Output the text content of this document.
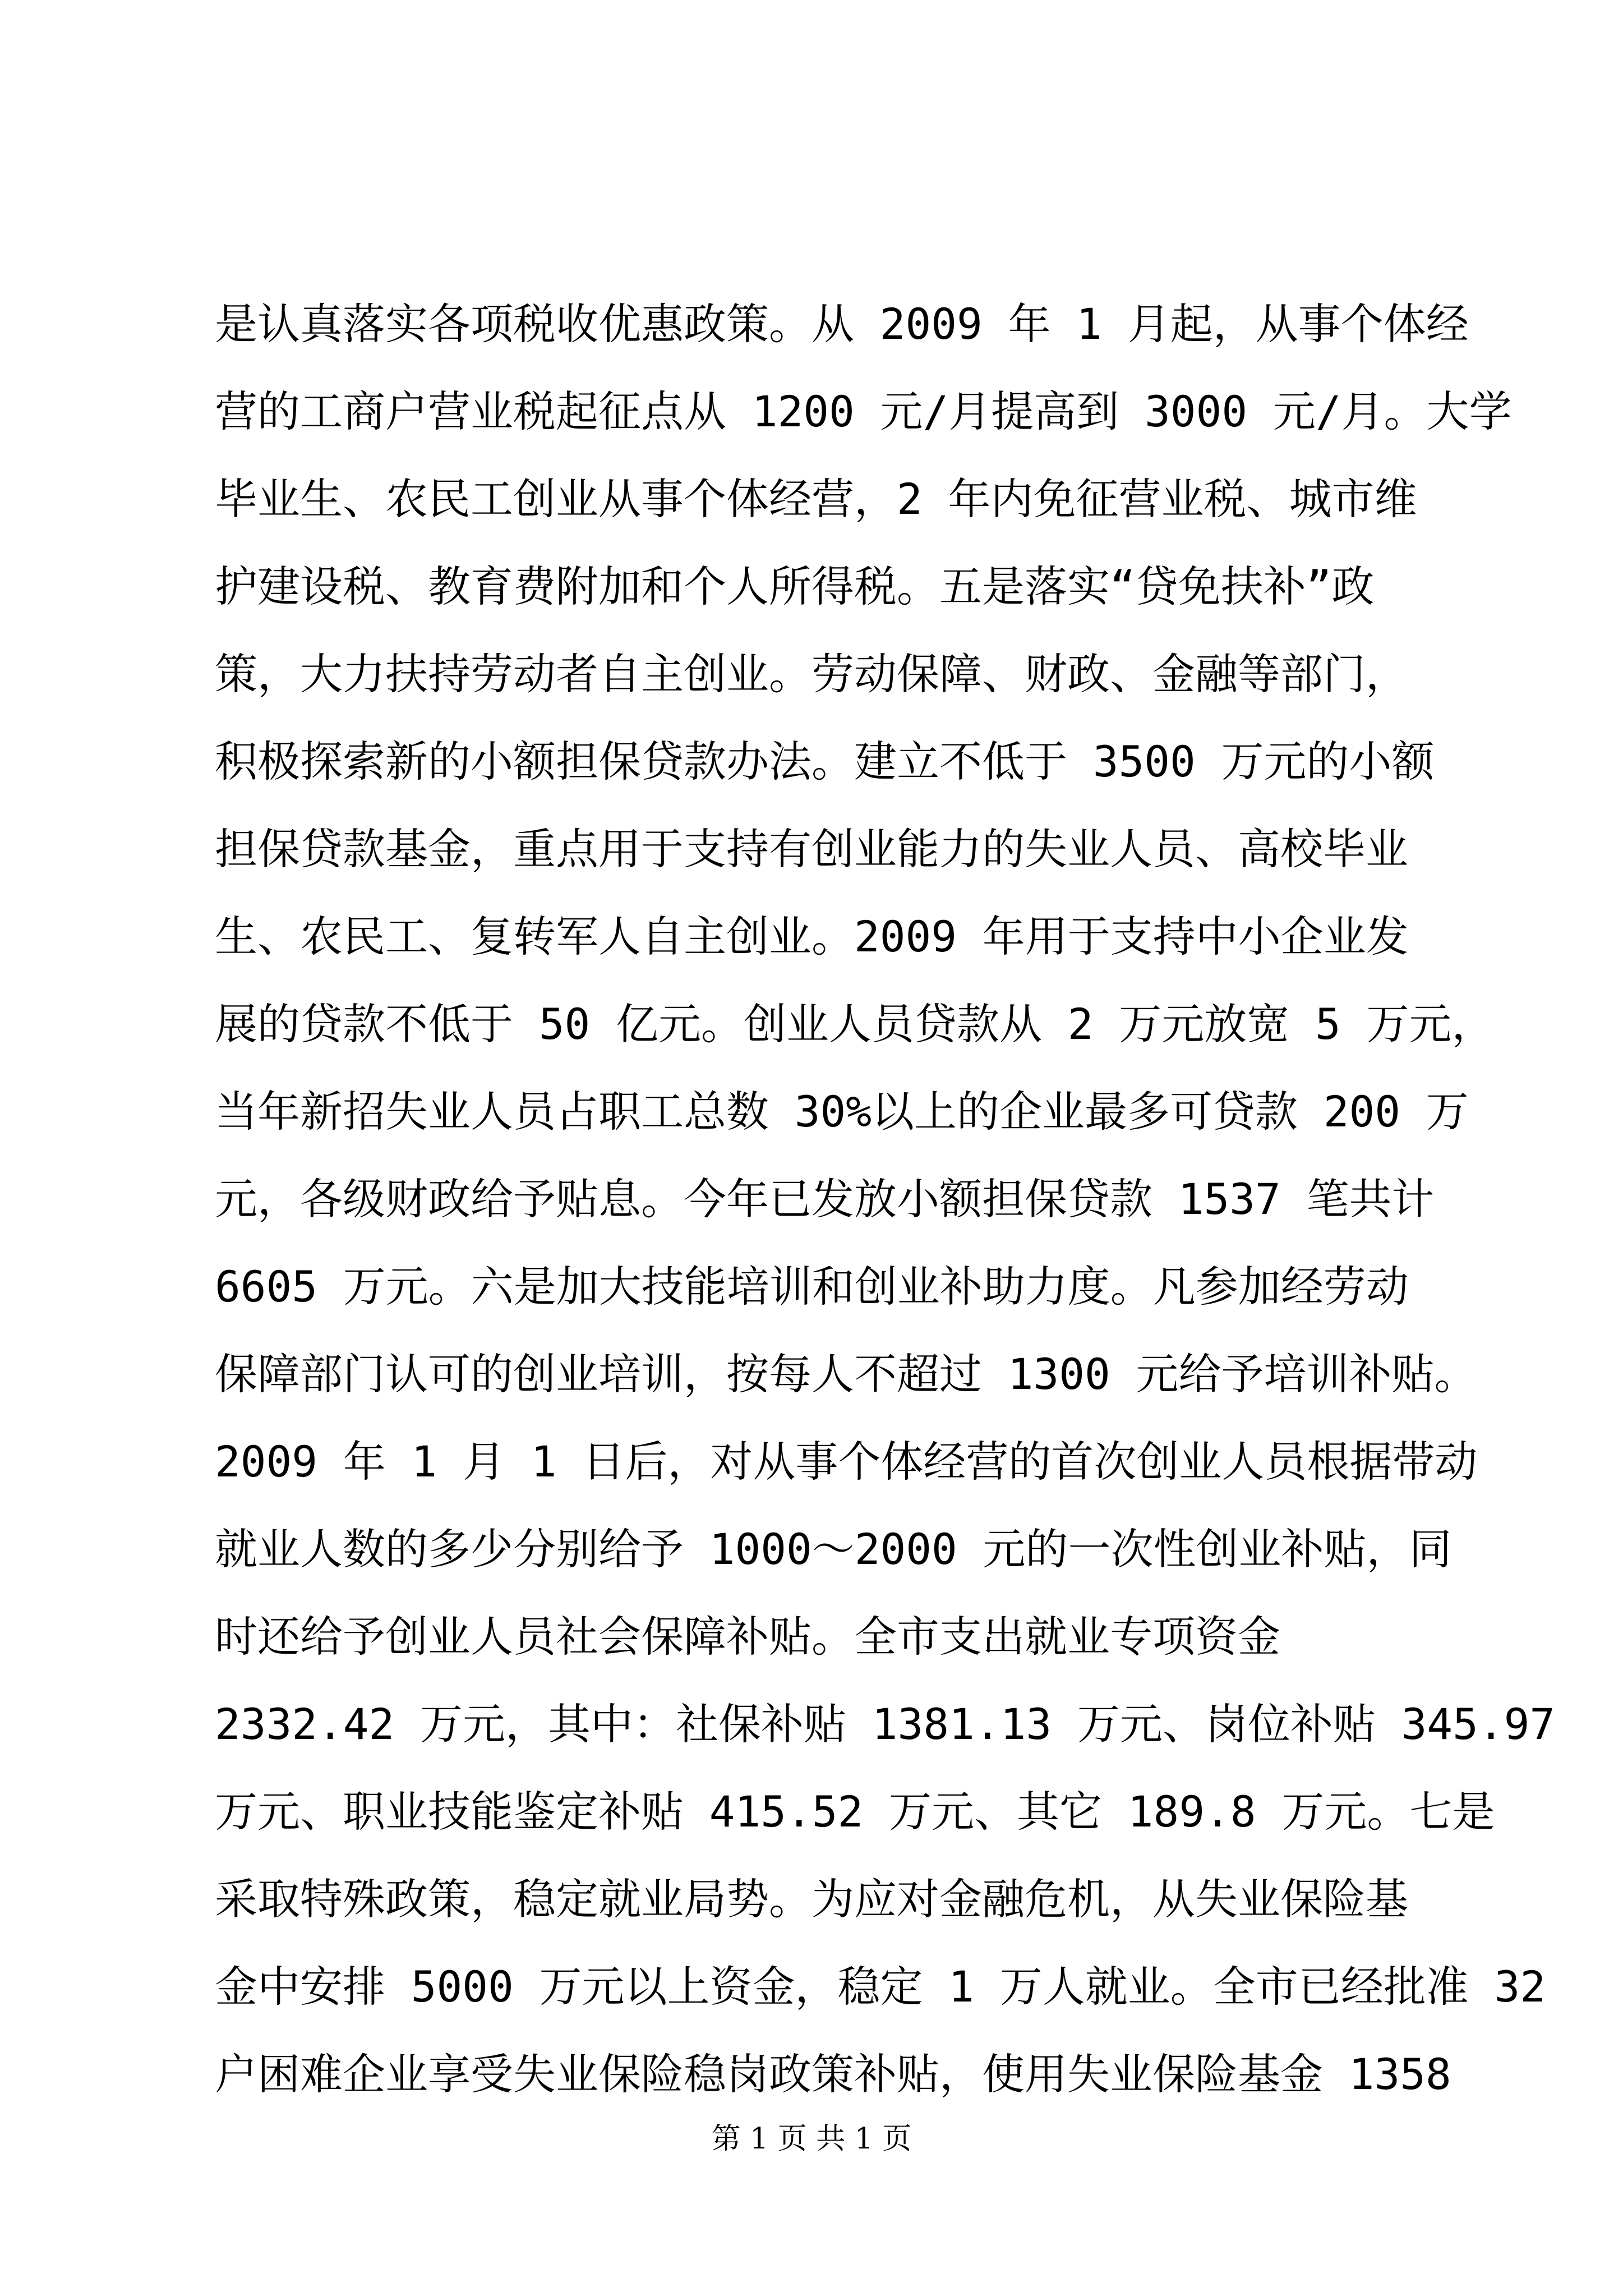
是认真落实各项税收优惠政策。从 2009 年 1 月起，从事个体经
营的工商户营业税起征点从 1200 元/月提高到 3000 元/月。大学
毕业生、农民工创业从事个体经营，2 年内免征营业税、城市维
护建设税、教育费附加和个人所得税。五是落实“贷免扶补”政
策，大力扶持劳动者自主创业。劳动保障、财政、金融等部门，
积极探索新的小额担保贷款办法。建立不低于 3500 万元的小额
担保贷款基金，重点用于支持有创业能力的失业人员、高校毕业
生、农民工、复转军人自主创业。2009 年用于支持中小企业发
展的贷款不低于 50 亿元。创业人员贷款从 2 万元放宽 5 万元，
当年新招失业人员占职工总数 30%以上的企业最多可贷款 200 万
元，各级财政给予贴息。今年已发放小额担保贷款 1537 笔共计
6605 万元。六是加大技能培训和创业补助力度。凡参加经劳动
保障部门认可的创业培训，按每人不超过 1300 元给予培训补贴。
2009 年 1 月 1 日后，对从事个体经营的首次创业人员根据带动
就业人数的多少分别给予 1000～2000 元的一次性创业补贴，同
时还给予创业人员社会保障补贴。全市支出就业专项资金
2332.42 万元，其中：社保补贴 1381.13 万元、岗位补贴 345.97
万元、职业技能鉴定补贴 415.52 万元、其它 189.8 万元。七是
采取特殊政策，稳定就业局势。为应对金融危机，从失业保险基
金中安排 5000 万元以上资金，稳定 1 万人就业。全市已经批准 32
户困难企业享受失业保险稳岗政策补贴，使用失业保险基金 1358
第 1 页 共 1 页
